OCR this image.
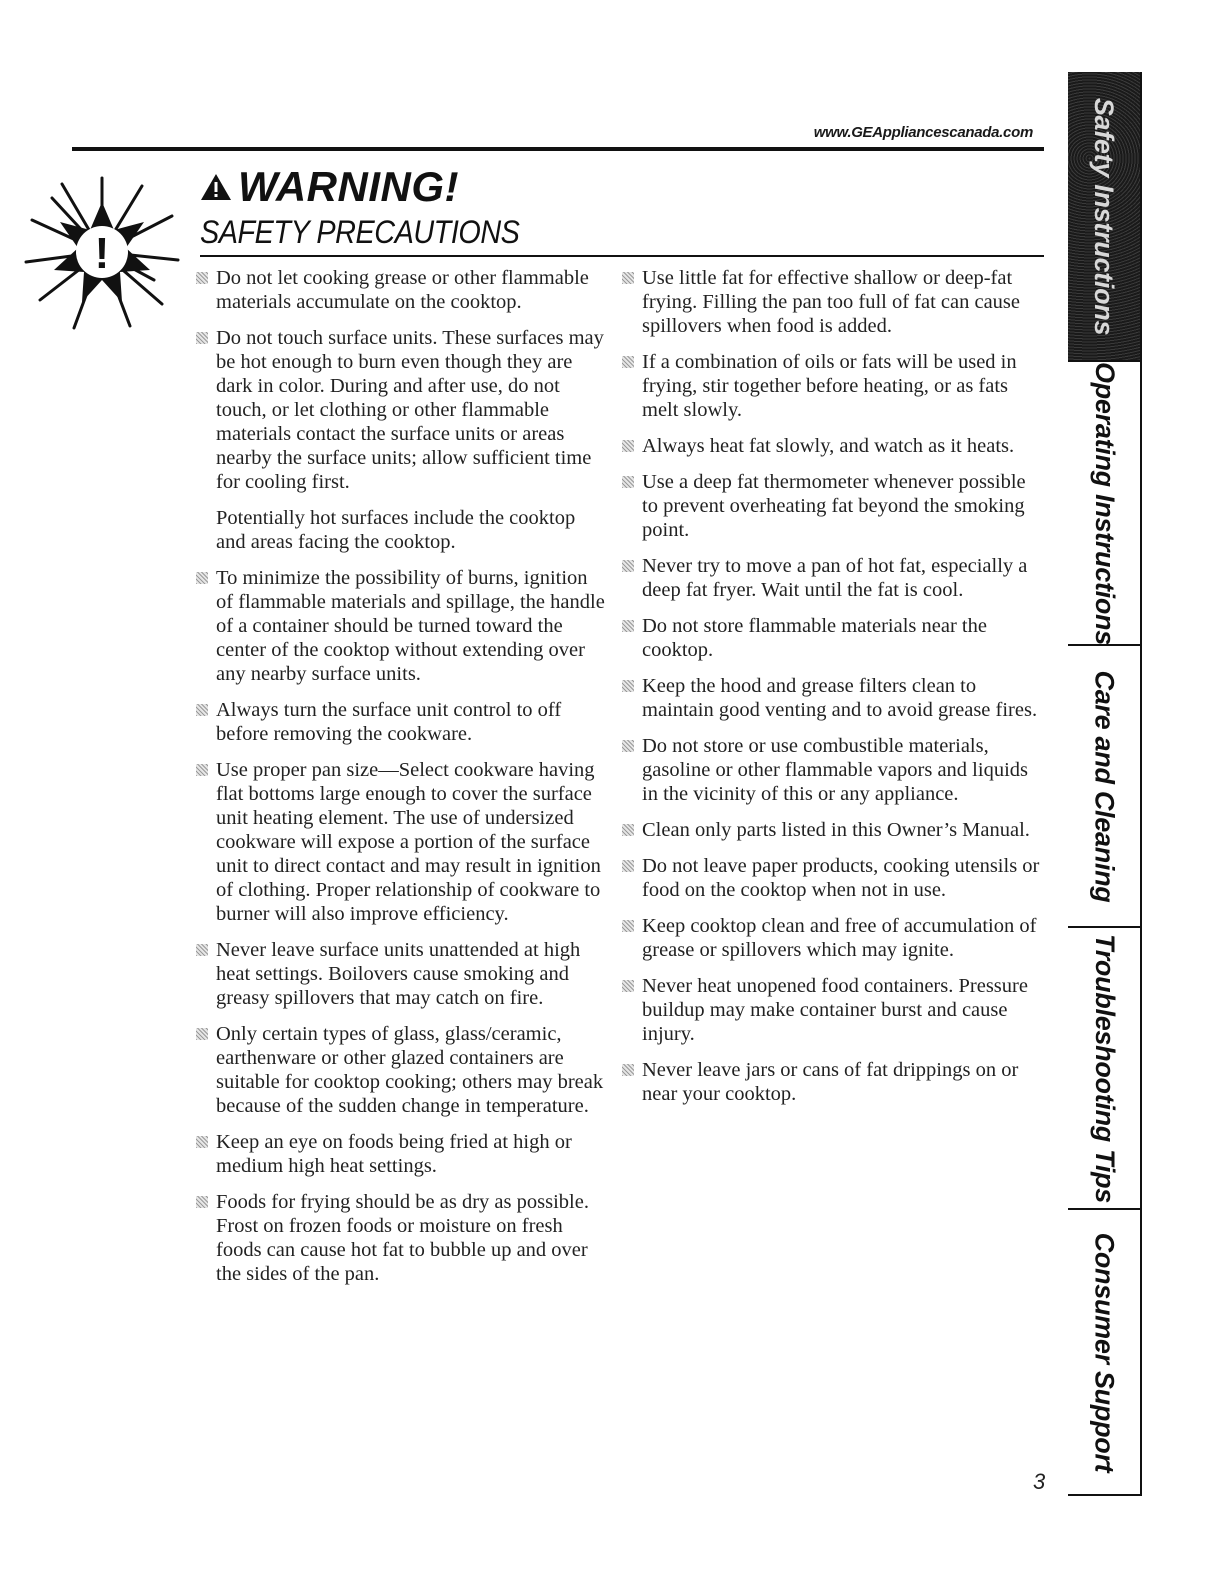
www.GEAppliancescanada.com
!
WARNING!
SAFETY PRECAUTIONS
Do not let cooking grease or other flammable materials accumulate on the cooktop.
Do not touch surface units. These surfaces may be hot enough to burn even though they are dark in color. During and after use, do not touch, or let clothing or other flammable materials contact the surface units or areas nearby the surface units; allow sufficient time for cooling first.
Potentially hot surfaces include the cooktop and areas facing the cooktop.
To minimize the possibility of burns, ignition of flammable materials and spillage, the handle of a container should be turned toward the center of the cooktop without extending over any nearby surface units.
Always turn the surface unit control to off before removing the cookware.
Use proper pan size—Select cookware having flat bottoms large enough to cover the surface unit heating element. The use of undersized cookware will expose a portion of the surface unit to direct contact and may result in ignition of clothing. Proper relationship of cookware to burner will also improve efficiency.
Never leave surface units unattended at high heat settings. Boilovers cause smoking and greasy spillovers that may catch on fire.
Only certain types of glass, glass/ceramic, earthenware or other glazed containers are suitable for cooktop cooking; others may break because of the sudden change in temperature.
Keep an eye on foods being fried at high or medium high heat settings.
Foods for frying should be as dry as possible. Frost on frozen foods or moisture on fresh foods can cause hot fat to bubble up and over the sides of the pan.
Use little fat for effective shallow or deep-fat frying. Filling the pan too full of fat can cause spillovers when food is added.
If a combination of oils or fats will be used in frying, stir together before heating, or as fats melt slowly.
Always heat fat slowly, and watch as it heats.
Use a deep fat thermometer whenever possible to prevent overheating fat beyond the smoking point.
Never try to move a pan of hot fat, especially a deep fat fryer. Wait until the fat is cool.
Do not store flammable materials near the cooktop.
Keep the hood and grease filters clean to maintain good venting and to avoid grease fires.
Do not store or use combustible materials, gasoline or other flammable vapors and liquids in the vicinity of this or any appliance.
Clean only parts listed in this Owner’s Manual.
Do not leave paper products, cooking utensils or food on the cooktop when not in use.
Keep cooktop clean and free of accumulation of grease or spillovers which may ignite.
Never heat unopened food containers. Pressure buildup may make container burst and cause injury.
Never leave jars or cans of fat drippings on or near your cooktop.
Safety Instructions
Operating Instructions
Care and Cleaning
Troubleshooting Tips
Consumer Support
3
